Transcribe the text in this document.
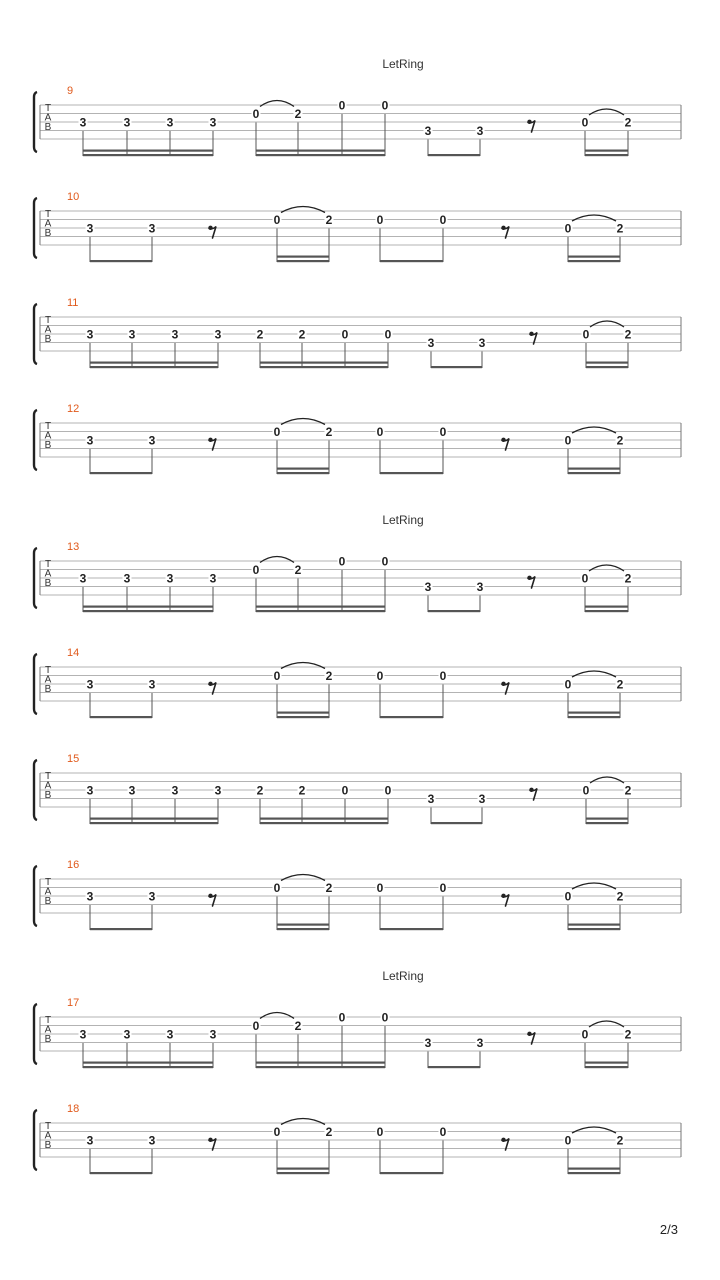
LetRing
T
A
B
9
3	3	3	3
0	2
0	0
3	3
0	2
T
A
B
10
3	3
0	2	0	0
0	2
T
A
B
11
3	3	3	3	2	2	0	0
3	3
0	2
T
A
B
12
3	3
0	2	0	0
0	2
LetRing
T
A
B
13
3	3	3	3
0	2
0	0
3	3
0	2
T
A
B
14
3	3
0	2	0	0
0	2
T
A
B
15
3	3	3	3	2	2	0	0
3	3
0	2
T
A
B
16
3	3
0	2	0	0
0	2
LetRing
T
A
B
17
3	3	3	3
0	2
0	0
3	3
0	2
T
A
B
18
3	3
0	2	0	0
0	2
2/3
